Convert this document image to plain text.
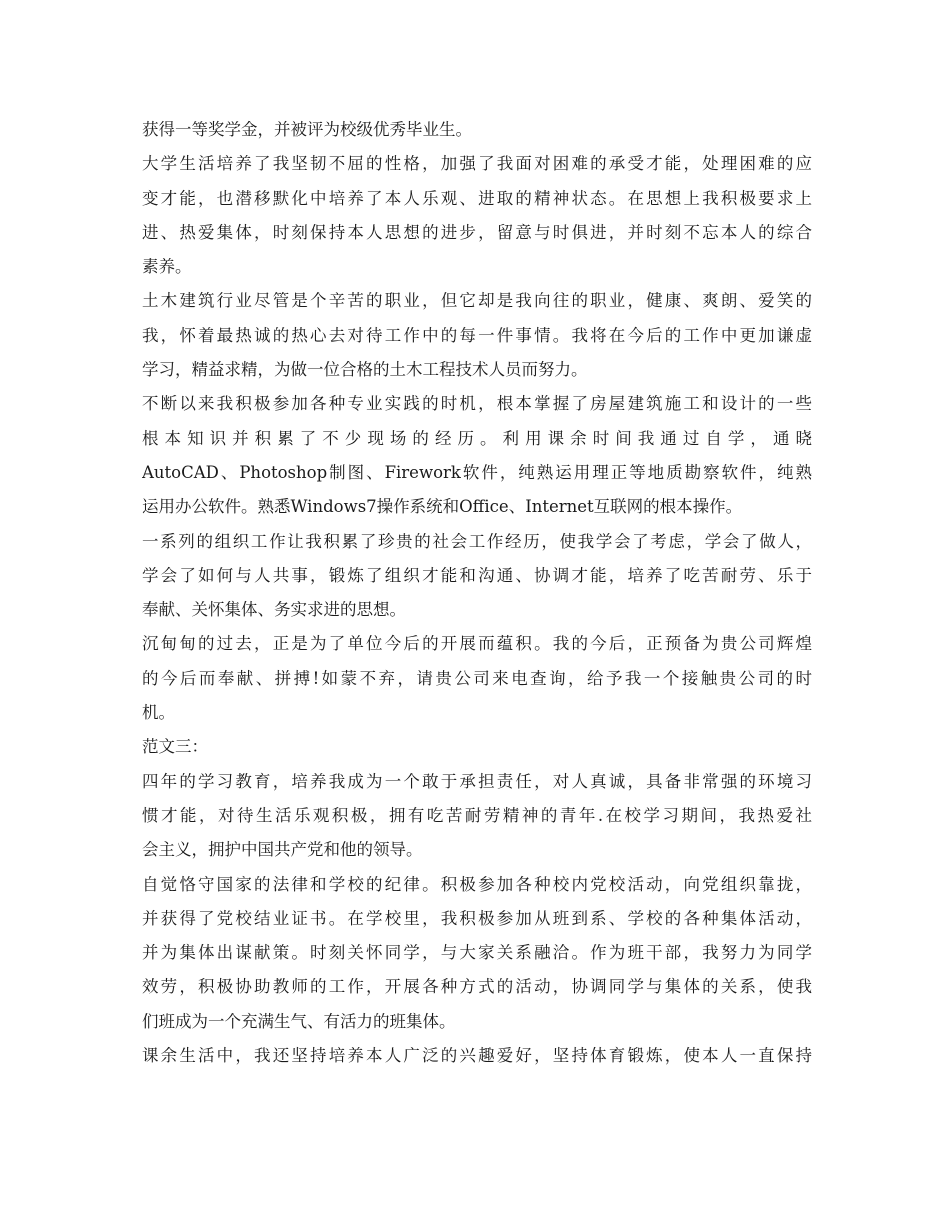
获得一等奖学金，并被评为校级优秀毕业生。
大学生活培养了我坚韧不屈的性格，加强了我面对困难的承受才能，处理困难的应
变才能，也潜移默化中培养了本人乐观、进取的精神状态。在思想上我积极要求上
进、热爱集体，时刻保持本人思想的进步，留意与时俱进，并时刻不忘本人的综合
素养。
土木建筑行业尽管是个辛苦的职业，但它却是我向往的职业，健康、爽朗、爱笑的
我，怀着最热诚的热心去对待工作中的每一件事情。我将在今后的工作中更加谦虚
学习，精益求精，为做一位合格的土木工程技术人员而努力。
不断以来我积极参加各种专业实践的时机，根本掌握了房屋建筑施工和设计的一些
根本知识并积累了不少现场的经历。利用课余时间我通过自学，通晓
AutoCAD、Photoshop制图、Firework软件，纯熟运用理正等地质勘察软件，纯熟
运用办公软件。熟悉Windows7操作系统和Office、Internet互联网的根本操作。
一系列的组织工作让我积累了珍贵的社会工作经历，使我学会了考虑，学会了做人，
学会了如何与人共事，锻炼了组织才能和沟通、协调才能，培养了吃苦耐劳、乐于
奉献、关怀集体、务实求进的思想。
沉甸甸的过去，正是为了单位今后的开展而蕴积。我的今后，正预备为贵公司辉煌
的今后而奉献、拼搏!如蒙不弃，请贵公司来电查询，给予我一个接触贵公司的时
机。
范文三：
四年的学习教育，培养我成为一个敢于承担责任，对人真诚，具备非常强的环境习
惯才能，对待生活乐观积极，拥有吃苦耐劳精神的青年.在校学习期间，我热爱社
会主义，拥护中国共产党和他的领导。
自觉恪守国家的法律和学校的纪律。积极参加各种校内党校活动，向党组织靠拢，
并获得了党校结业证书。在学校里，我积极参加从班到系、学校的各种集体活动，
并为集体出谋献策。时刻关怀同学，与大家关系融洽。作为班干部，我努力为同学
效劳，积极协助教师的工作，开展各种方式的活动，协调同学与集体的关系，使我
们班成为一个充满生气、有活力的班集体。
课余生活中，我还坚持培养本人广泛的兴趣爱好，坚持体育锻炼，使本人一直保持
